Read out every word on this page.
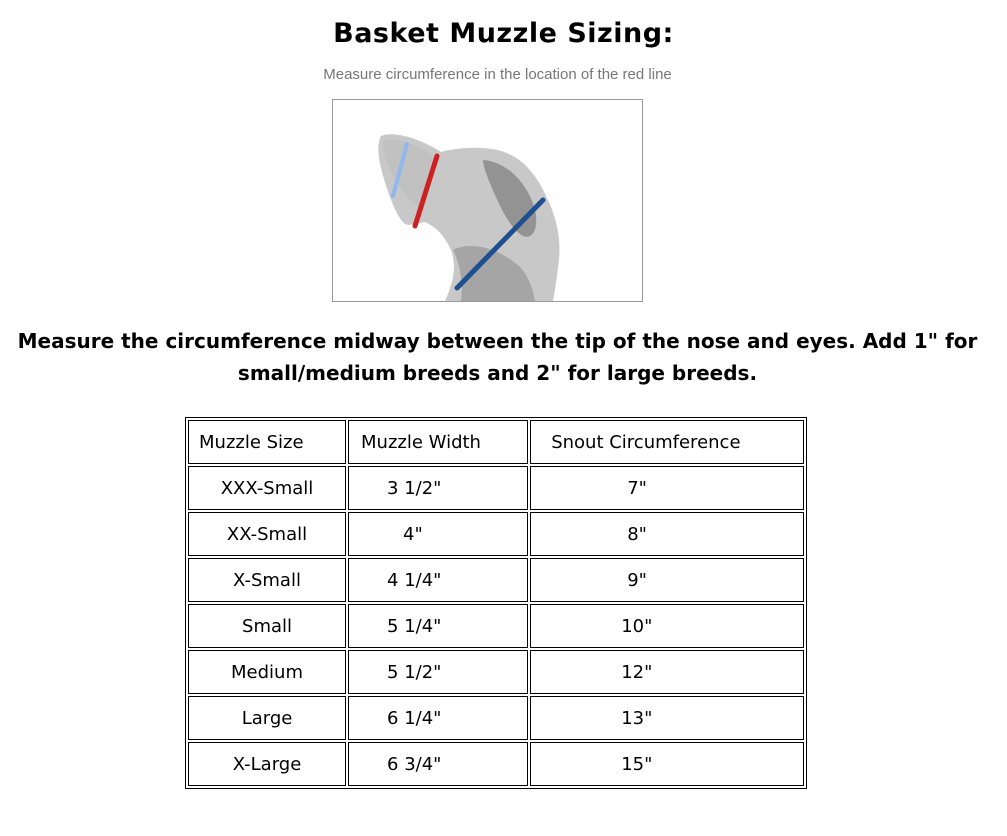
Basket Muzzle Sizing:
Measure circumference in the location of the red line
Measure the circumference midway between the tip of the nose and eyes. Add 1" for small/medium breeds and 2" for large breeds.
Muzzle Size	Muzzle Width	Snout Circumference
XXX-Small	3 1/2"	7"
XX-Small	4"	8"
X-Small	4 1/4"	9"
Small	5 1/4"	10"
Medium	5 1/2"	12"
Large	6 1/4"	13"
X-Large	6 3/4"	15"
